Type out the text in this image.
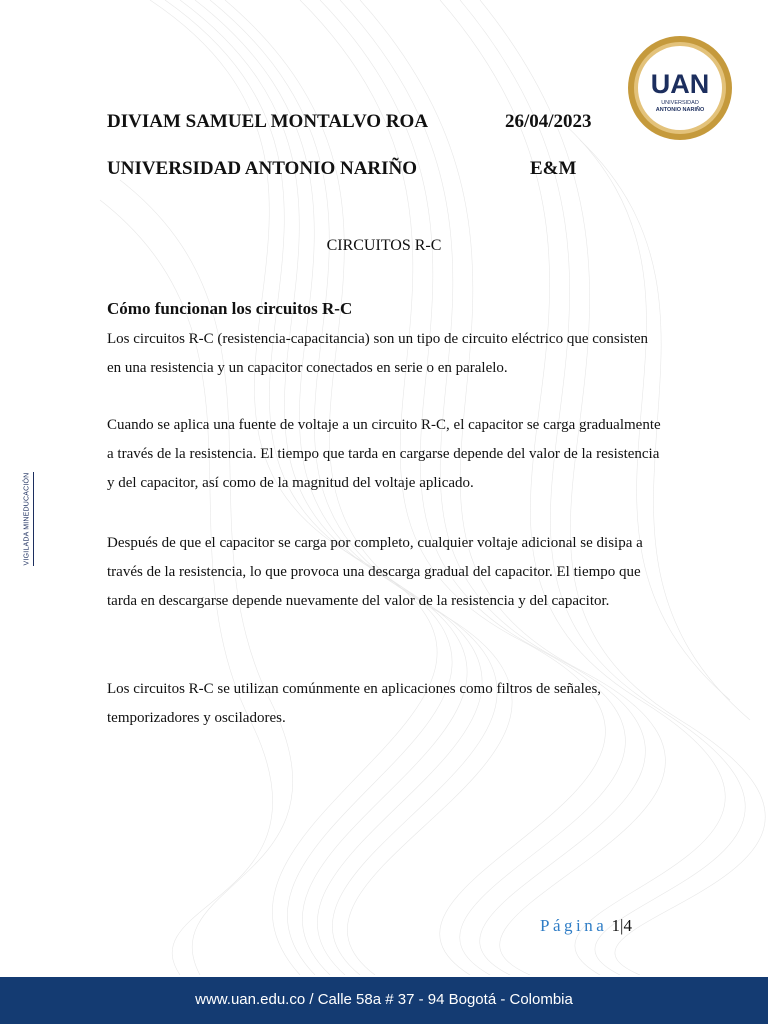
UAN
UNIVERSIDAD
ANTONIO NARIÑO
VIGILADA MINEDUCACIÓN
DIVIAM SAMUEL MONTALVO ROA	26/04/2023
UNIVERSIDAD ANTONIO NARIÑO	E&M
CIRCUITOS R-C
Cómo funcionan los circuitos R-C

Los circuitos R-C (resistencia-capacitancia) son un tipo de circuito eléctrico que consisten en una resistencia y un capacitor conectados en serie o en paralelo.

Cuando se aplica una fuente de voltaje a un circuito R-C, el capacitor se carga gradualmente a través de la resistencia. El tiempo que tarda en cargarse depende del valor de la resistencia y del capacitor, así como de la magnitud del voltaje aplicado.

Después de que el capacitor se carga por completo, cualquier voltaje adicional se disipa a través de la resistencia, lo que provoca una descarga gradual del capacitor. El tiempo que tarda en descargarse depende nuevamente del valor de la resistencia y del capacitor.

Los circuitos R-C se utilizan comúnmente en aplicaciones como filtros de señales, temporizadores y osciladores.

Página 1|4
www.uan.edu.co / Calle 58a # 37 - 94 Bogotá - Colombia
